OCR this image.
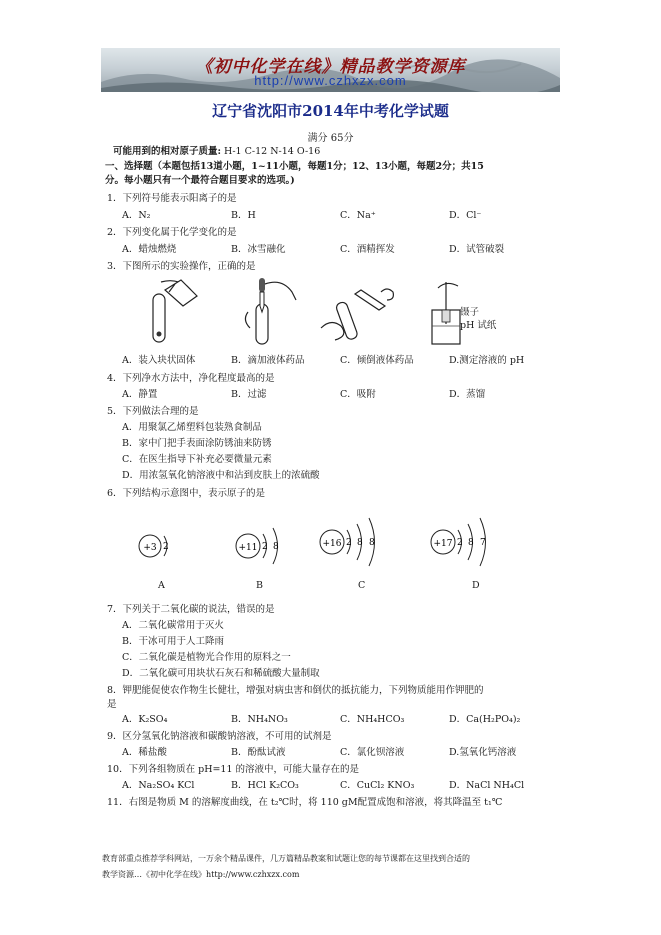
《初中化学在线》精品教学资源库
http://www.czhxzx.com
辽宁省沈阳市2014年中考化学试题
满分 65分
可能用到的相对原子质量: H-1 C-12 N-14 O-16
一、选择题（本题包括13道小题，1~11小题，每题1分；12、13小题，每题2分；共15
分。每小题只有一个最符合题目要求的选项。)
1．下列符号能表示阳离子的是
A．N₂	B．H	C．Na⁺	D．Cl⁻
2．下列变化属于化学变化的是
A．蜡烛燃烧	B．冰雪融化	C．酒精挥发	D．试管破裂
3．下图所示的实验操作，正确的是
镊子
pH 试纸
A．装入块状固体	B．滴加液体药品	C．倾倒液体药品	D.测定溶液的 pH
4．下列净水方法中，净化程度最高的是
A．静置	B．过滤	C．吸附	D．蒸馏
5．下列做法合理的是
A．用聚氯乙烯塑料包装熟食制品
B．家中门把手表面涂防锈油来防锈
C．在医生指导下补充必要微量元素
D．用浓氢氧化钠溶液中和沾到皮肤上的浓硫酸
6．下列结构示意图中，表示原子的是
+3 2	+11 2 8	+16 2 8 8	+17 2 8 7
A	B	C	D
7．下列关于二氧化碳的说法，错误的是
A．二氧化碳常用于灭火
B．干冰可用于人工降雨
C．二氧化碳是植物光合作用的原料之一
D．二氧化碳可用块状石灰石和稀硫酸大量制取
8．钾肥能促使农作物生长健壮，增强对病虫害和倒伏的抵抗能力，下列物质能用作钾肥的
是
A．K₂SO₄	B．NH₄NO₃	C．NH₄HCO₃	D．Ca(H₂PO₄)₂
9．区分氢氧化钠溶液和碳酸钠溶液，不可用的试剂是
A．稀盐酸	B．酚酞试液	C．氯化钡溶液	D.氢氧化钙溶液
10．下列各组物质在 pH=11 的溶液中，可能大量存在的是
A．Na₂SO₄ KCl	B．HCl K₂CO₃	C．CuCl₂ KNO₃	D．NaCl NH₄Cl
11．右图是物质 M 的溶解度曲线，在 t₂℃时，将 110 gM配置成饱和溶液，将其降温至 t₁℃
教育部重点推荐学科网站，一万余个精品课件，几万篇精品教案和试题让您的每节课都在这里找到合适的
教学资源…《初中化学在线》http://www.czhxzx.com
